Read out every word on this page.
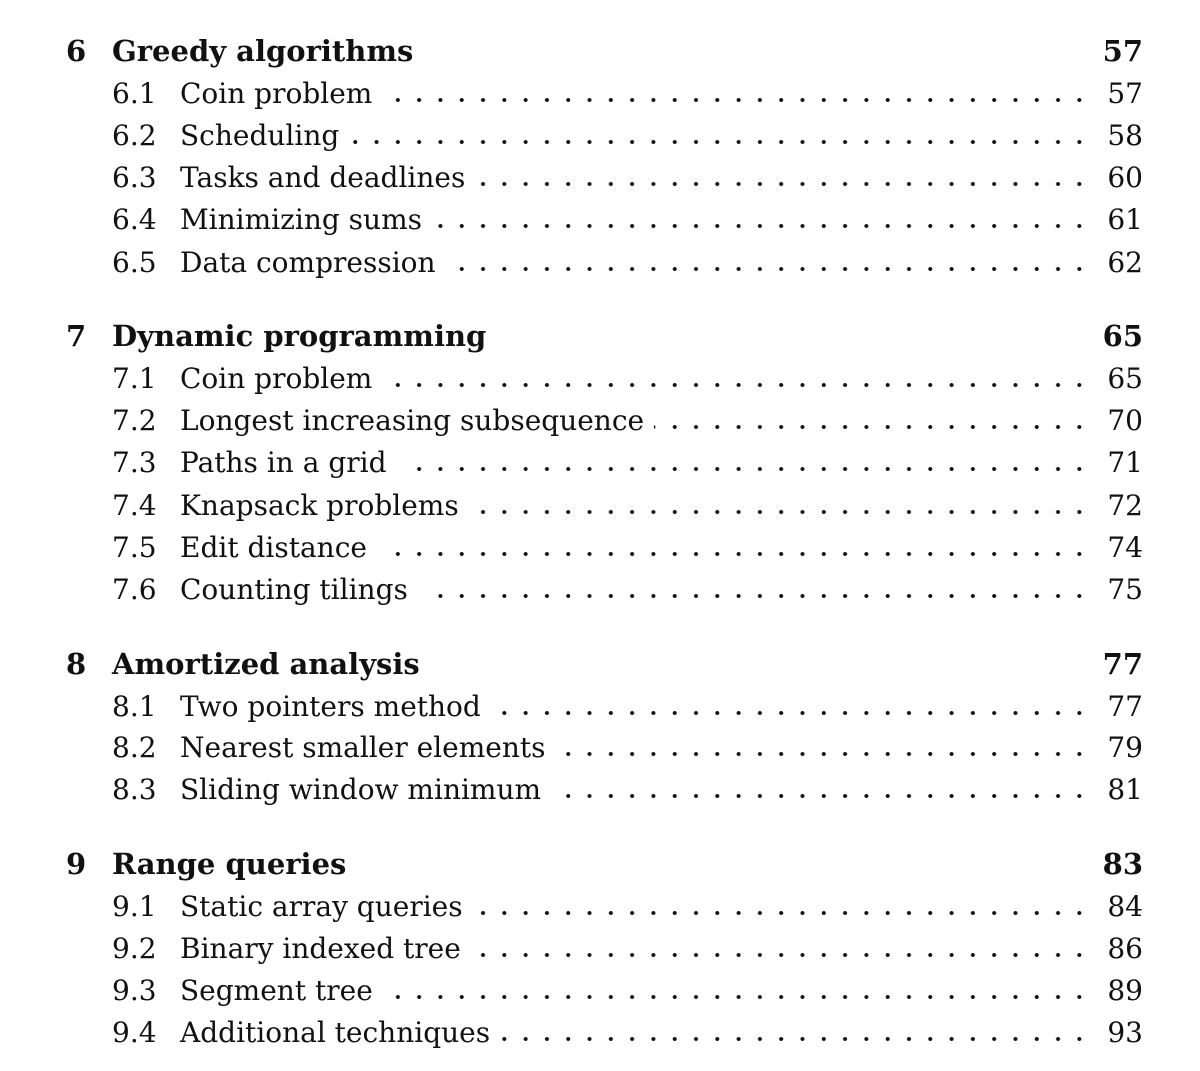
6 Greedy algorithms	57
6.1 Coin problem	57
6.2 Scheduling	58
6.3 Tasks and deadlines	60
6.4 Minimizing sums	61
6.5 Data compression	62
7 Dynamic programming	65
7.1 Coin problem	65
7.2 Longest increasing subsequence	70
7.3 Paths in a grid	71
7.4 Knapsack problems	72
7.5 Edit distance	74
7.6 Counting tilings	75
8 Amortized analysis	77
8.1 Two pointers method	77
8.2 Nearest smaller elements	79
8.3 Sliding window minimum	81
9 Range queries	83
9.1 Static array queries	84
9.2 Binary indexed tree	86
9.3 Segment tree	89
9.4 Additional techniques	93
